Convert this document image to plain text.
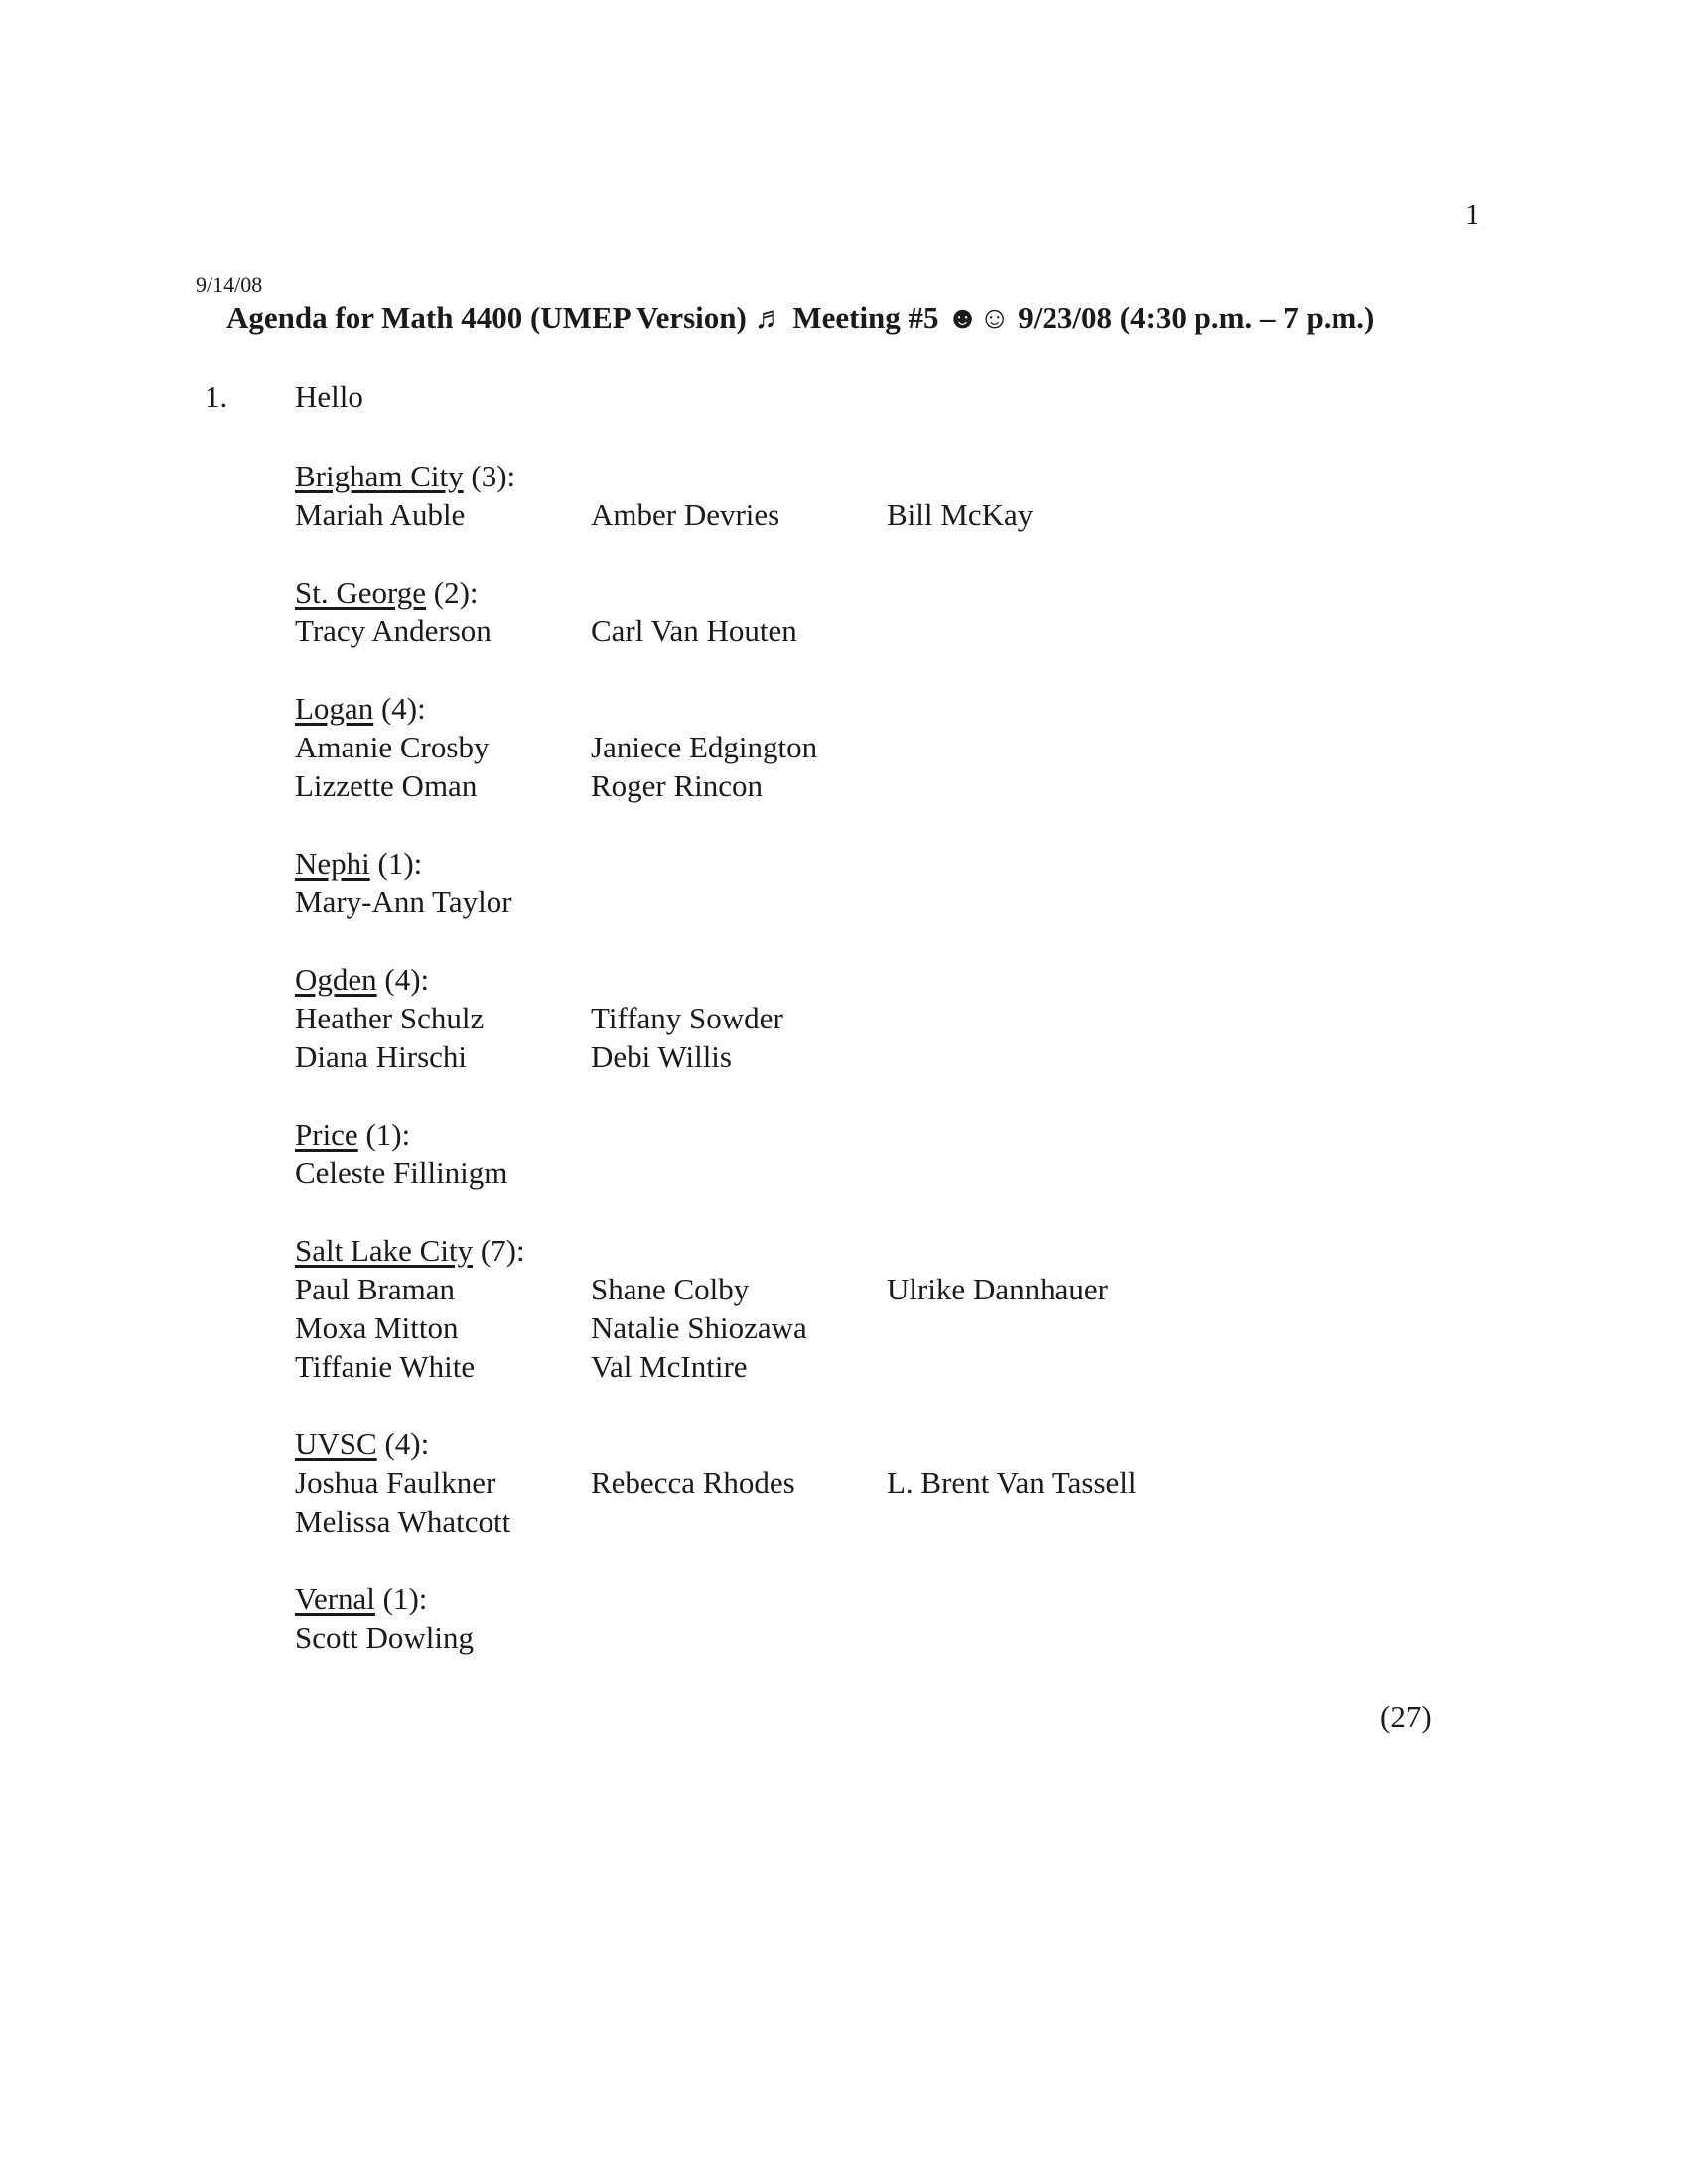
1
9/14/08
Agenda for Math 4400 (UMEP Version) ♬ Meeting #5 ☻☺ 9/23/08 (4:30 p.m. – 7 p.m.)
1. Hello
Brigham City (3):
Mariah Auble	Amber Devries	Bill McKay
St. George (2):
Tracy Anderson	Carl Van Houten
Logan (4):
Amanie Crosby	Janiece Edgington
Lizzette Oman	Roger Rincon
Nephi (1):
Mary-Ann Taylor
Ogden (4):
Heather Schulz	Tiffany Sowder
Diana Hirschi	Debi Willis
Price (1):
Celeste Fillinigm
Salt Lake City (7):
Paul Braman	Shane Colby	Ulrike Dannhauer
Moxa Mitton	Natalie Shiozawa
Tiffanie White	Val McIntire
UVSC (4):
Joshua Faulkner	Rebecca Rhodes	L. Brent Van Tassell
Melissa Whatcott
Vernal (1):
Scott Dowling
(27)
